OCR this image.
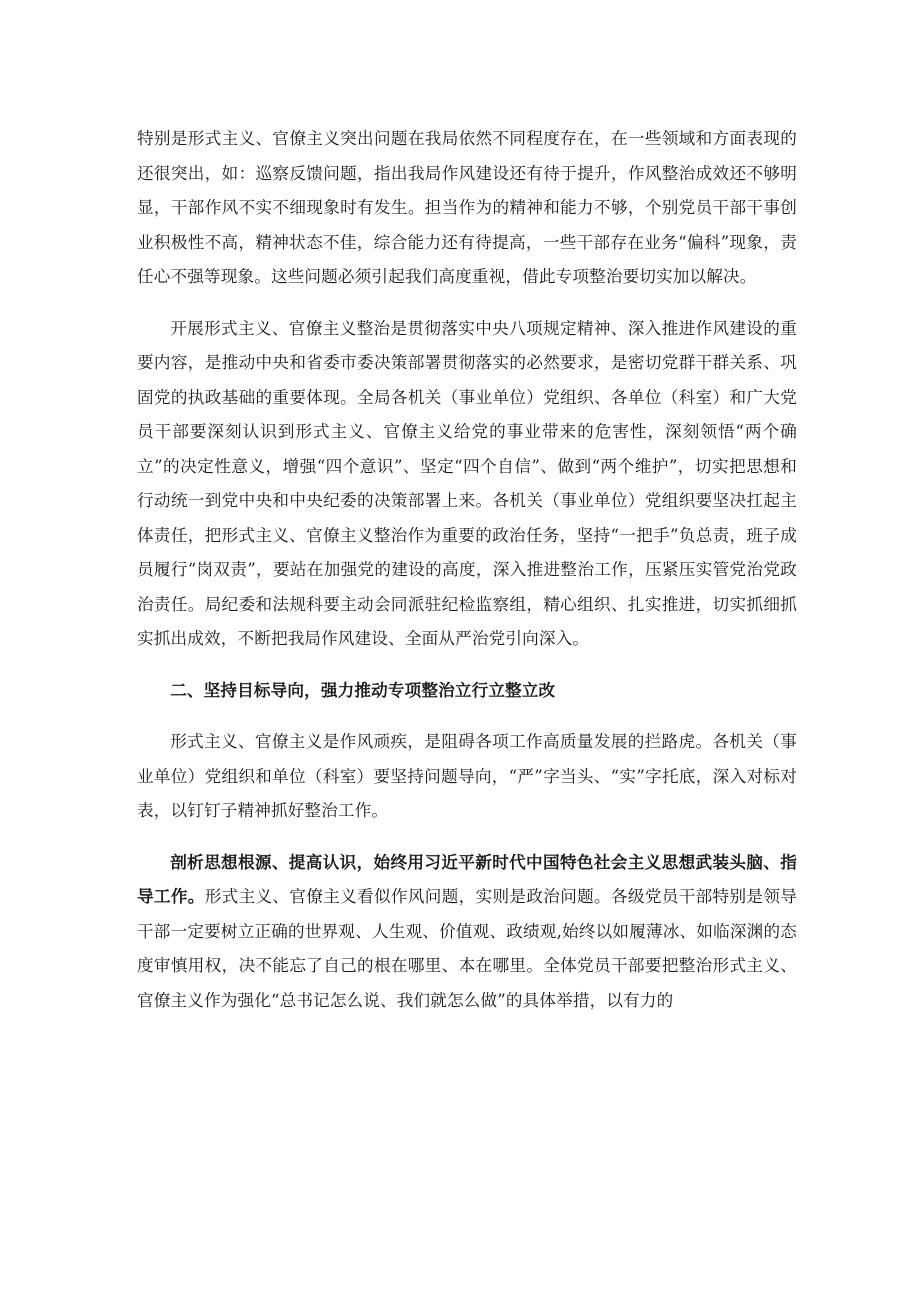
特别是形式主义、官僚主义突出问题在我局依然不同程度存在，在一些领域和方面表现的还很突出，如：巡察反馈问题，指出我局作风建设还有待于提升，作风整治成效还不够明显，干部作风不实不细现象时有发生。担当作为的精神和能力不够，个别党员干部干事创业积极性不高，精神状态不佳，综合能力还有待提高，一些干部存在业务“偏科”现象，责任心不强等现象。这些问题必须引起我们高度重视，借此专项整治要切实加以解决。

开展形式主义、官僚主义整治是贯彻落实中央八项规定精神、深入推进作风建设的重要内容，是推动中央和省委市委决策部署贯彻落实的必然要求，是密切党群干群关系、巩固党的执政基础的重要体现。全局各机关（事业单位）党组织、各单位（科室）和广大党员干部要深刻认识到形式主义、官僚主义给党的事业带来的危害性，深刻领悟“两个确立”的决定性意义，增强“四个意识”、坚定“四个自信”、做到“两个维护”，切实把思想和行动统一到党中央和中央纪委的决策部署上来。各机关（事业单位）党组织要坚决扛起主体责任，把形式主义、官僚主义整治作为重要的政治任务，坚持“一把手”负总责，班子成员履行“岗双责”，要站在加强党的建设的高度，深入推进整治工作，压紧压实管党治党政治责任。局纪委和法规科要主动会同派驻纪检监察组，精心组织、扎实推进，切实抓细抓实抓出成效，不断把我局作风建设、全面从严治党引向深入。

二、坚持目标导向，强力推动专项整治立行立整立改

形式主义、官僚主义是作风顽疾，是阻碍各项工作高质量发展的拦路虎。各机关（事业单位）党组织和单位（科室）要坚持问题导向，“严”字当头、“实”字托底，深入对标对表，以钉钉子精神抓好整治工作。

剖析思想根源、提高认识，始终用习近平新时代中国特色社会主义思想武装头脑、指导工作。形式主义、官僚主义看似作风问题，实则是政治问题。各级党员干部特别是领导干部一定要树立正确的世界观、人生观、价值观、政绩观,始终以如履薄冰、如临深渊的态度审慎用权，决不能忘了自己的根在哪里、本在哪里。全体党员干部要把整治形式主义、官僚主义作为强化“总书记怎么说、我们就怎么做”的具体举措，以有力的
